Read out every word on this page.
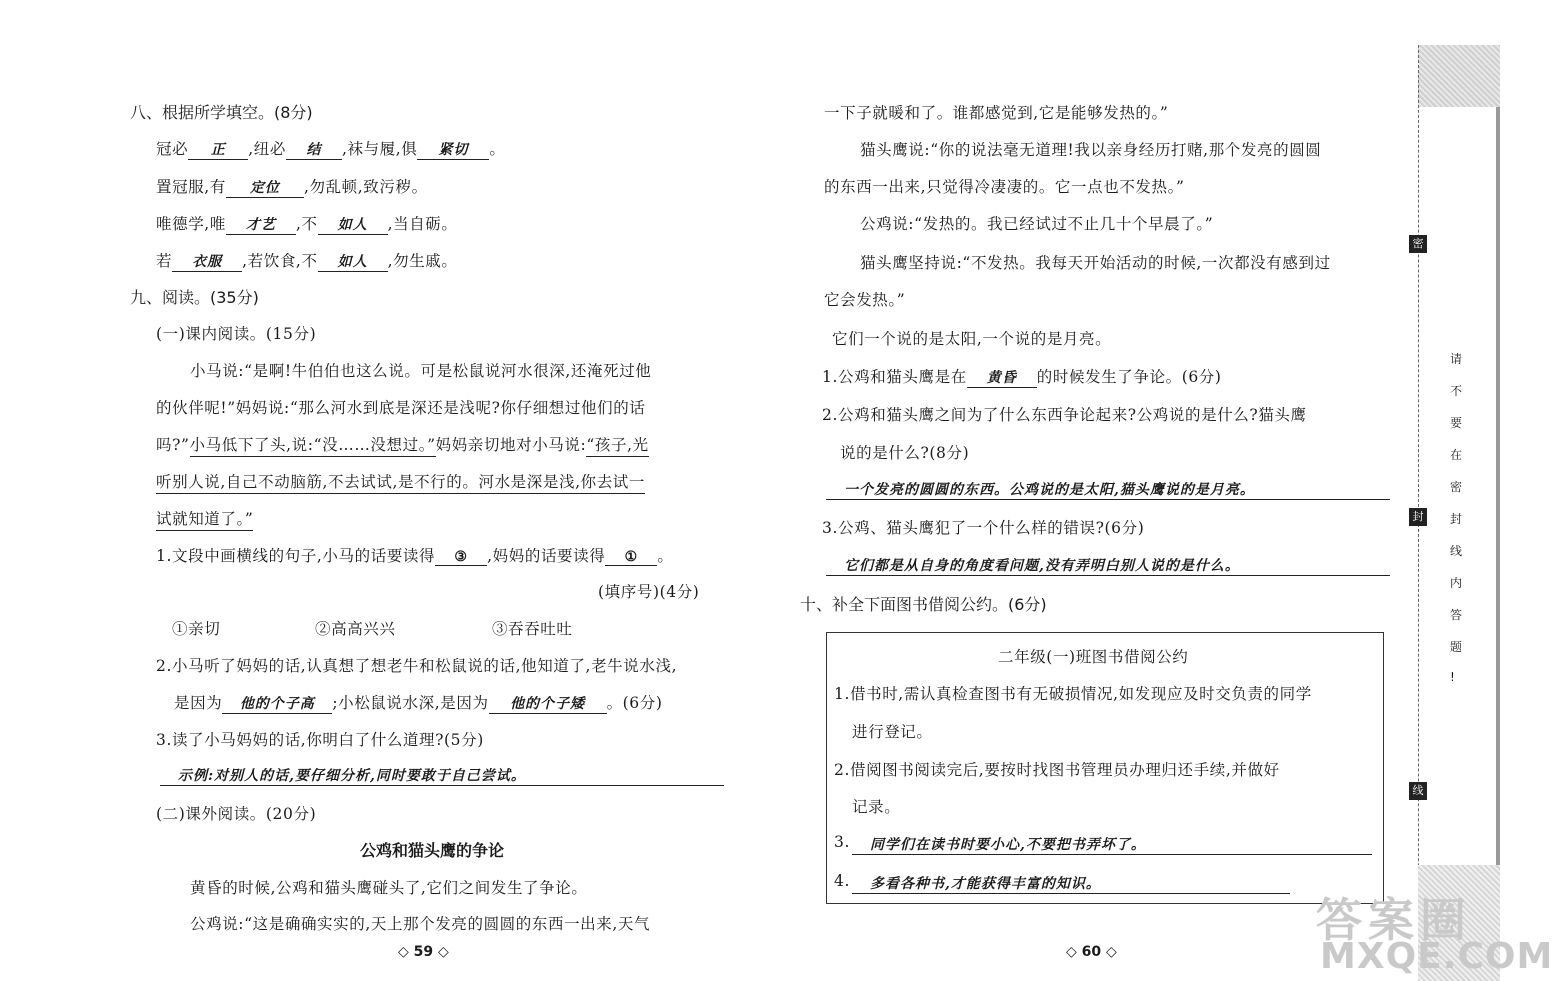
八、根据所学填空。(8分)
冠必 正 ,纽必 结 ,袜与履,俱 紧切 。
置冠服,有 定位 ,勿乱顿,致污秽。
唯德学,唯 才艺 ,不 如人 ,当自砺。
若 衣服 ,若饮食,不 如人 ,勿生戚。
九、阅读。(35分)
(一)课内阅读。(15分)
小马说:“是啊!牛伯伯也这么说。可是松鼠说河水很深,还淹死过他
的伙伴呢!”妈妈说:“那么河水到底是深还是浅呢?你仔细想过他们的话
吗?”小马低下了头,说:“没……没想过。”妈妈亲切地对小马说:“孩子,光
听别人说,自己不动脑筋,不去试试,是不行的。河水是深是浅,你去试一
试就知道了。”
1.文段中画横线的句子,小马的话要读得 ③ ,妈妈的话要读得 ① 。
(填序号)(4分)
①亲切	②高高兴兴	③吞吞吐吐
2.小马听了妈妈的话,认真想了想老牛和松鼠说的话,他知道了,老牛说水浅,
是因为 他的个子高 ;小松鼠说水深,是因为 他的个子矮 。(6分)
3.读了小马妈妈的话,你明白了什么道理?(5分)
示例:对别人的话,要仔细分析,同时要敢于自己尝试。
(二)课外阅读。(20分)
公鸡和猫头鹰的争论
黄昏的时候,公鸡和猫头鹰碰头了,它们之间发生了争论。
公鸡说:“这是确确实实的,天上那个发亮的圆圆的东西一出来,天气
◇ 59 ◇
一下子就暖和了。谁都感觉到,它是能够发热的。”
猫头鹰说:“你的说法毫无道理!我以亲身经历打赌,那个发亮的圆圆
的东西一出来,只觉得冷凄凄的。它一点也不发热。”
公鸡说:“发热的。我已经试过不止几十个早晨了。”
猫头鹰坚持说:“不发热。我每天开始活动的时候,一次都没有感到过
它会发热。”
它们一个说的是太阳,一个说的是月亮。
1.公鸡和猫头鹰是在 黄昏 的时候发生了争论。(6分)
2.公鸡和猫头鹰之间为了什么东西争论起来?公鸡说的是什么?猫头鹰
说的是什么?(8分)
一个发亮的圆圆的东西。公鸡说的是太阳,猫头鹰说的是月亮。
3.公鸡、猫头鹰犯了一个什么样的错误?(6分)
它们都是从自身的角度看问题,没有弄明白别人说的是什么。
十、补全下面图书借阅公约。(6分)
二年级(一)班图书借阅公约
1.借书时,需认真检查图书有无破损情况,如发现应及时交负责的同学
进行登记。
2.借阅图书阅读完后,要按时找图书管理员办理归还手续,并做好
记录。
3.	同学们在读书时要小心,不要把书弄坏了。
4.	多看各种书,才能获得丰富的知识。
◇ 60 ◇
密
封
线
请
不
要
在
密
封
线
内
答
题
!
答案圈
MXQE.COM
